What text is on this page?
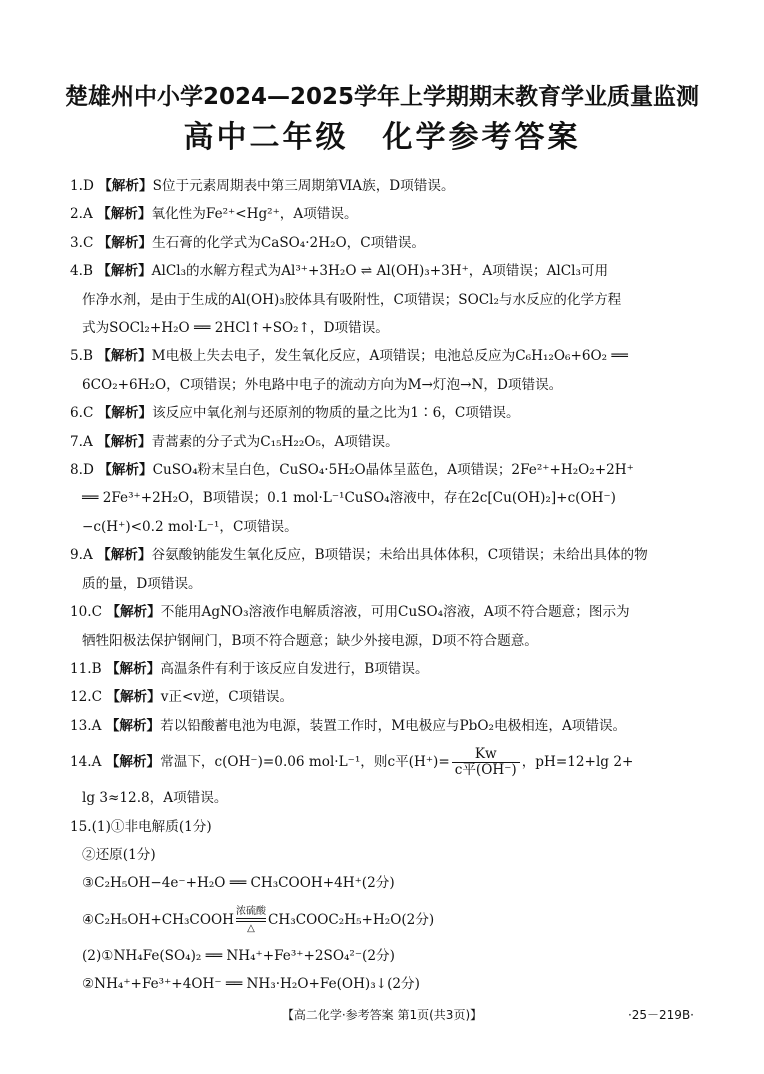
楚雄州中小学2024—2025学年上学期期末教育学业质量监测
高中二年级 化学参考答案
1.D 【解析】S位于元素周期表中第三周期第ⅥA族，D项错误。
2.A 【解析】氧化性为Fe²⁺<Hg²⁺，A项错误。
3.C 【解析】生石膏的化学式为CaSO₄·2H₂O，C项错误。
4.B 【解析】AlCl₃的水解方程式为Al³⁺+3H₂O ⇌ Al(OH)₃+3H⁺，A项错误；AlCl₃可用
作净水剂，是由于生成的Al(OH)₃胶体具有吸附性，C项错误；SOCl₂与水反应的化学方程
式为SOCl₂+H₂O ══ 2HCl↑+SO₂↑，D项错误。
5.B 【解析】M电极上失去电子，发生氧化反应，A项错误；电池总反应为C₆H₁₂O₆+6O₂ ══
6CO₂+6H₂O，C项错误；外电路中电子的流动方向为M→灯泡→N，D项错误。
6.C 【解析】该反应中氧化剂与还原剂的物质的量之比为1∶6，C项错误。
7.A 【解析】青蒿素的分子式为C₁₅H₂₂O₅，A项错误。
8.D 【解析】CuSO₄粉末呈白色，CuSO₄·5H₂O晶体呈蓝色，A项错误；2Fe²⁺+H₂O₂+2H⁺
══ 2Fe³⁺+2H₂O，B项错误；0.1 mol·L⁻¹CuSO₄溶液中，存在2c[Cu(OH)₂]+c(OH⁻)
−c(H⁺)<0.2 mol·L⁻¹，C项错误。
9.A 【解析】谷氨酸钠能发生氧化反应，B项错误；未给出具体体积，C项错误；未给出具体的物
质的量，D项错误。
10.C 【解析】不能用AgNO₃溶液作电解质溶液，可用CuSO₄溶液，A项不符合题意；图示为
牺牲阳极法保护钢闸门，B项不符合题意；缺少外接电源，D项不符合题意。
11.B 【解析】高温条件有利于该反应自发进行，B项错误。
12.C 【解析】v正<v逆，C项错误。
13.A 【解析】若以铅酸蓄电池为电源，装置工作时，M电极应与PbO₂电极相连，A项错误。
14.A 【解析】常温下，c(OH⁻)=0.06 mol·L⁻¹，则c平$(H^+)= \frac{Kw}{\text{c平(OH⁻)}}$ ，pH=12+lg 2+
lg 3≈12.8，A项错误。
15.(1)①非电解质(1分)
②还原(1分)
③C₂H₅OH−4e⁻+H₂O ══ CH₃COOH+4H⁺(2分)
④C₂H₅OH+CH₃COOH 浓硫酸
△CH₃COOC₂H₅+H₂O(2分)
(2)①NH₄Fe(SO₄)₂ ══ NH₄⁺+Fe³⁺+2SO₄²⁻(2分)
②NH₄⁺+Fe³⁺+4OH⁻ ══ NH₃·H₂O+Fe(OH)₃↓(2分)
【高二化学·参考答案 第1页(共3页)】	·25－219B·
